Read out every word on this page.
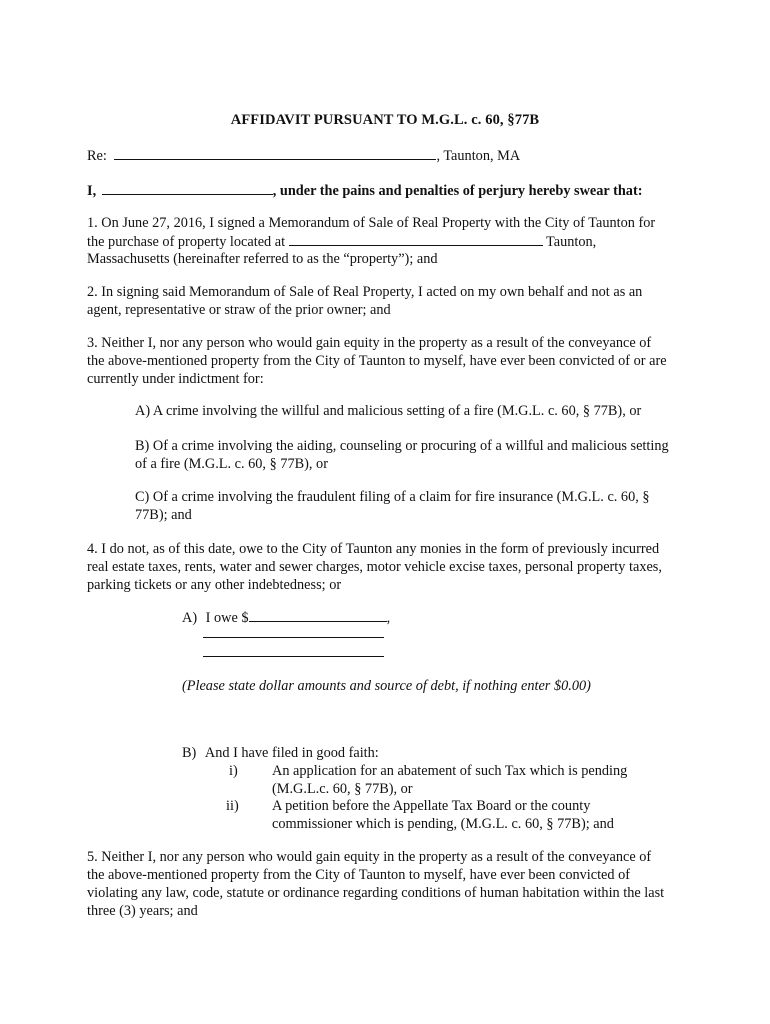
AFFIDAVIT PURSUANT TO M.G.L. c. 60, §77B
Re:	, Taunton, MA
I,	, under the pains and penalties of perjury hereby swear that:
1. On June 27, 2016, I signed a Memorandum of Sale of Real Property with the City of Taunton for
the purchase of property located at	Taunton,
Massachusetts (hereinafter referred to as the “property”); and
2. In signing said Memorandum of Sale of Real Property, I acted on my own behalf and not as an
agent, representative or straw of the prior owner; and
3. Neither I, nor any person who would gain equity in the property as a result of the conveyance of
the above-mentioned property from the City of Taunton to myself, have ever been convicted of or are
currently under indictment for:
A) A crime involving the willful and malicious setting of a fire (M.G.L. c. 60, § 77B), or
B) Of a crime involving the aiding, counseling or procuring of a willful and malicious setting
of a fire (M.G.L. c. 60, § 77B), or
C) Of a crime involving the fraudulent filing of a claim for fire insurance (M.G.L. c. 60, §
77B); and
4. I do not, as of this date, owe to the City of Taunton any monies in the form of previously incurred
real estate taxes, rents, water and sewer charges, motor vehicle excise taxes, personal property taxes,
parking tickets or any other indebtedness; or
A) I owe $	,
(Please state dollar amounts and source of debt, if nothing enter $0.00)
B) And I have filed in good faith:
i) An application for an abatement of such Tax which is pending
(M.G.L.c. 60, § 77B), or
ii) A petition before the Appellate Tax Board or the county
commissioner which is pending, (M.G.L. c. 60, § 77B); and
5. Neither I, nor any person who would gain equity in the property as a result of the conveyance of
the above-mentioned property from the City of Taunton to myself, have ever been convicted of
violating any law, code, statute or ordinance regarding conditions of human habitation within the last
three (3) years; and
